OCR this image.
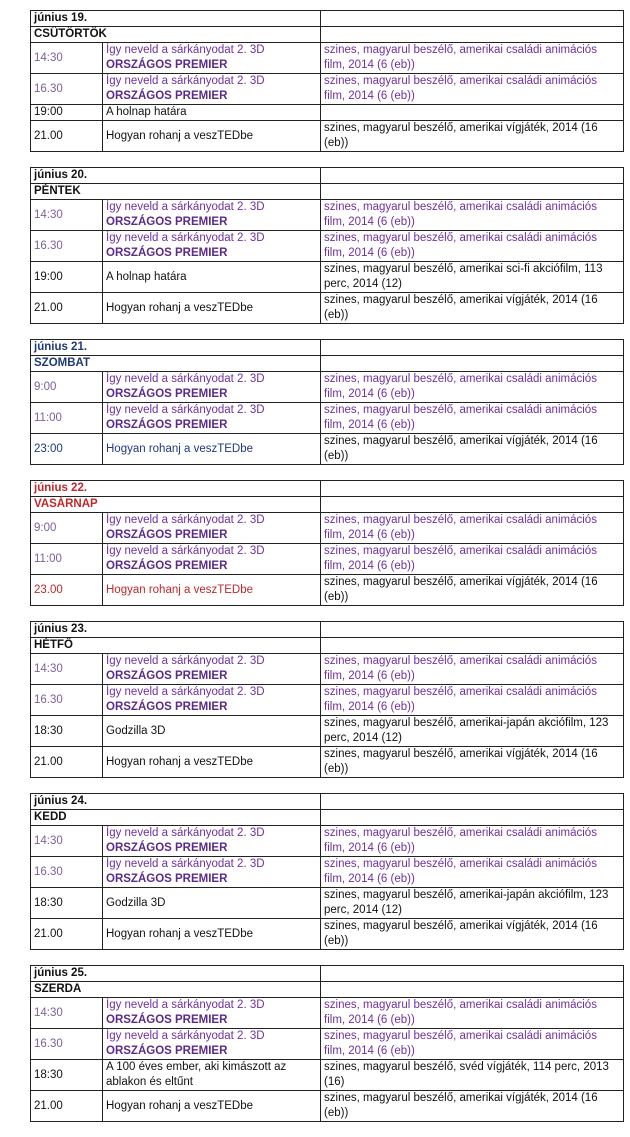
június 19.		
CSÜTÖRTÖK		
14:30	Így neveld a sárkányodat 2. 3D ORSZÁGOS PREMIER	szines, magyarul beszélő, amerikai családi animációs film, 2014 (6 (eb))
16.30	Így neveld a sárkányodat 2. 3D ORSZÁGOS PREMIER	szines, magyarul beszélő, amerikai családi animációs film, 2014 (6 (eb))
19:00	A holnap határa	
21.00	Hogyan rohanj a veszTEDbe	szines, magyarul beszélő, amerikai vígjáték, 2014 (16 (eb))
június 20.		
PÉNTEK		
14:30	Így neveld a sárkányodat 2. 3D ORSZÁGOS PREMIER	szines, magyarul beszélő, amerikai családi animációs film, 2014 (6 (eb))
16.30	Így neveld a sárkányodat 2. 3D ORSZÁGOS PREMIER	szines, magyarul beszélő, amerikai családi animációs film, 2014 (6 (eb))
19:00	A holnap határa	szines, magyarul beszélő, amerikai sci-fi akciófilm, 113 perc, 2014 (12)
21.00	Hogyan rohanj a veszTEDbe	szines, magyarul beszélő, amerikai vígjáték, 2014 (16 (eb))
június 21.		
SZOMBAT		
9:00	Így neveld a sárkányodat 2. 3D ORSZÁGOS PREMIER	szines, magyarul beszélő, amerikai családi animációs film, 2014 (6 (eb))
11:00	Így neveld a sárkányodat 2. 3D ORSZÁGOS PREMIER	szines, magyarul beszélő, amerikai családi animációs film, 2014 (6 (eb))
23:00	Hogyan rohanj a veszTEDbe	szines, magyarul beszélő, amerikai vígjáték, 2014 (16 (eb))
június 22.		
VASÁRNAP		
9:00	Így neveld a sárkányodat 2. 3D ORSZÁGOS PREMIER	szines, magyarul beszélő, amerikai családi animációs film, 2014 (6 (eb))
11:00	Így neveld a sárkányodat 2. 3D ORSZÁGOS PREMIER	szines, magyarul beszélő, amerikai családi animációs film, 2014 (6 (eb))
23.00	Hogyan rohanj a veszTEDbe	szines, magyarul beszélő, amerikai vígjáték, 2014 (16 (eb))
június 23.		
HÉTFŐ		
14:30	Így neveld a sárkányodat 2. 3D ORSZÁGOS PREMIER	szines, magyarul beszélő, amerikai családi animációs film, 2014 (6 (eb))
16.30	Így neveld a sárkányodat 2. 3D ORSZÁGOS PREMIER	szines, magyarul beszélő, amerikai családi animációs film, 2014 (6 (eb))
18:30	Godzilla 3D	szines, magyarul beszélő, amerikai-japán akciófilm, 123 perc, 2014 (12)
21.00	Hogyan rohanj a veszTEDbe	szines, magyarul beszélő, amerikai vígjáték, 2014 (16 (eb))
június 24.		
KEDD		
14:30	Így neveld a sárkányodat 2. 3D ORSZÁGOS PREMIER	szines, magyarul beszélő, amerikai családi animációs film, 2014 (6 (eb))
16.30	Így neveld a sárkányodat 2. 3D ORSZÁGOS PREMIER	szines, magyarul beszélő, amerikai családi animációs film, 2014 (6 (eb))
18:30	Godzilla 3D	szines, magyarul beszélő, amerikai-japán akciófilm, 123 perc, 2014 (12)
21.00	Hogyan rohanj a veszTEDbe	szines, magyarul beszélő, amerikai vígjáték, 2014 (16 (eb))
június 25.		
SZERDA		
14:30	Így neveld a sárkányodat 2. 3D ORSZÁGOS PREMIER	szines, magyarul beszélő, amerikai családi animációs film, 2014 (6 (eb))
16.30	Így neveld a sárkányodat 2. 3D ORSZÁGOS PREMIER	szines, magyarul beszélő, amerikai családi animációs film, 2014 (6 (eb))
18:30	A 100 éves ember, aki kimászott az ablakon és eltűnt	szines, magyarul beszélő, svéd vígjáték, 114 perc, 2013 (16)
21.00	Hogyan rohanj a veszTEDbe	szines, magyarul beszélő, amerikai vígjáték, 2014 (16 (eb))
